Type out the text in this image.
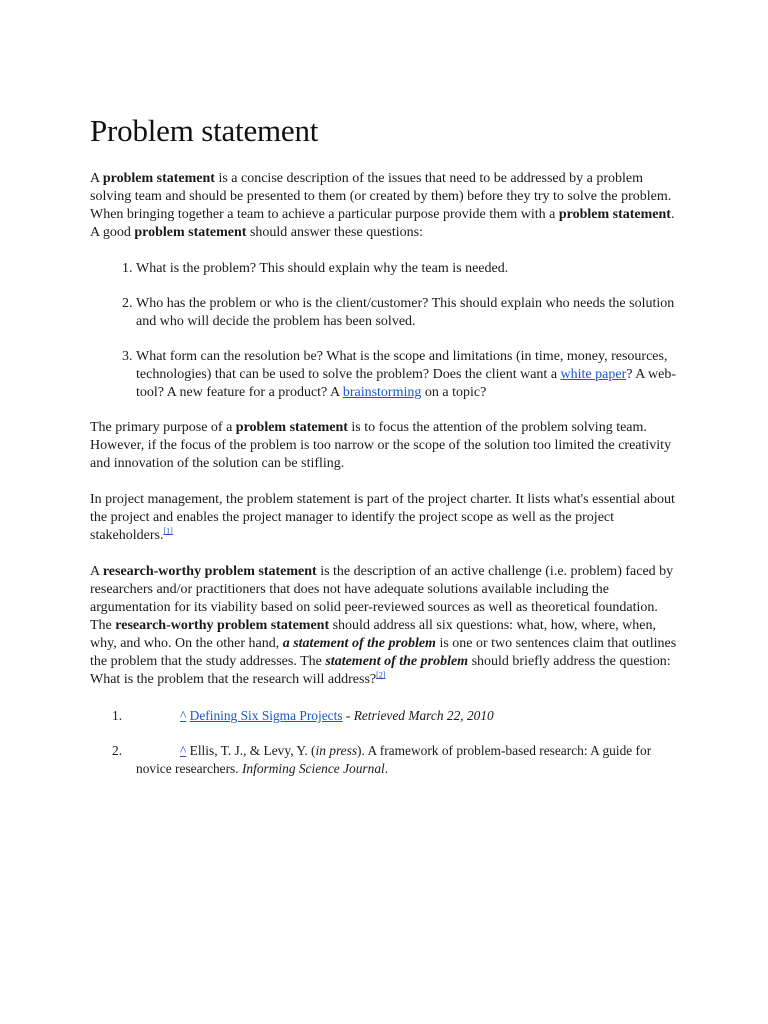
Problem statement

A problem statement is a concise description of the issues that need to be addressed by a problem solving team and should be presented to them (or created by them) before they try to solve the problem. When bringing together a team to achieve a particular purpose provide them with a problem statement. A good problem statement should answer these questions:

1. What is the problem? This should explain why the team is needed.
2. Who has the problem or who is the client/customer? This should explain who needs the solution and who will decide the problem has been solved.
3. What form can the resolution be? What is the scope and limitations (in time, money, resources, technologies) that can be used to solve the problem? Does the client want a white paper? A web-tool? A new feature for a product? A brainstorming on a topic?

The primary purpose of a problem statement is to focus the attention of the problem solving team. However, if the focus of the problem is too narrow or the scope of the solution too limited the creativity and innovation of the solution can be stifling.

In project management, the problem statement is part of the project charter. It lists what's essential about the project and enables the project manager to identify the project scope as well as the project stakeholders.[1]

A research-worthy problem statement is the description of an active challenge (i.e. problem) faced by researchers and/or practitioners that does not have adequate solutions available including the argumentation for its viability based on solid peer-reviewed sources as well as theoretical foundation. The research-worthy problem statement should address all six questions: what, how, where, when, why, and who. On the other hand, a statement of the problem is one or two sentences claim that outlines the problem that the study addresses. The statement of the problem should briefly address the question: What is the problem that the research will address?[2]

1.	^ Defining Six Sigma Projects - Retrieved March 22, 2010
2.	^ Ellis, T. J., & Levy, Y. (in press). A framework of problem-based research: A guide for novice researchers. Informing Science Journal.
